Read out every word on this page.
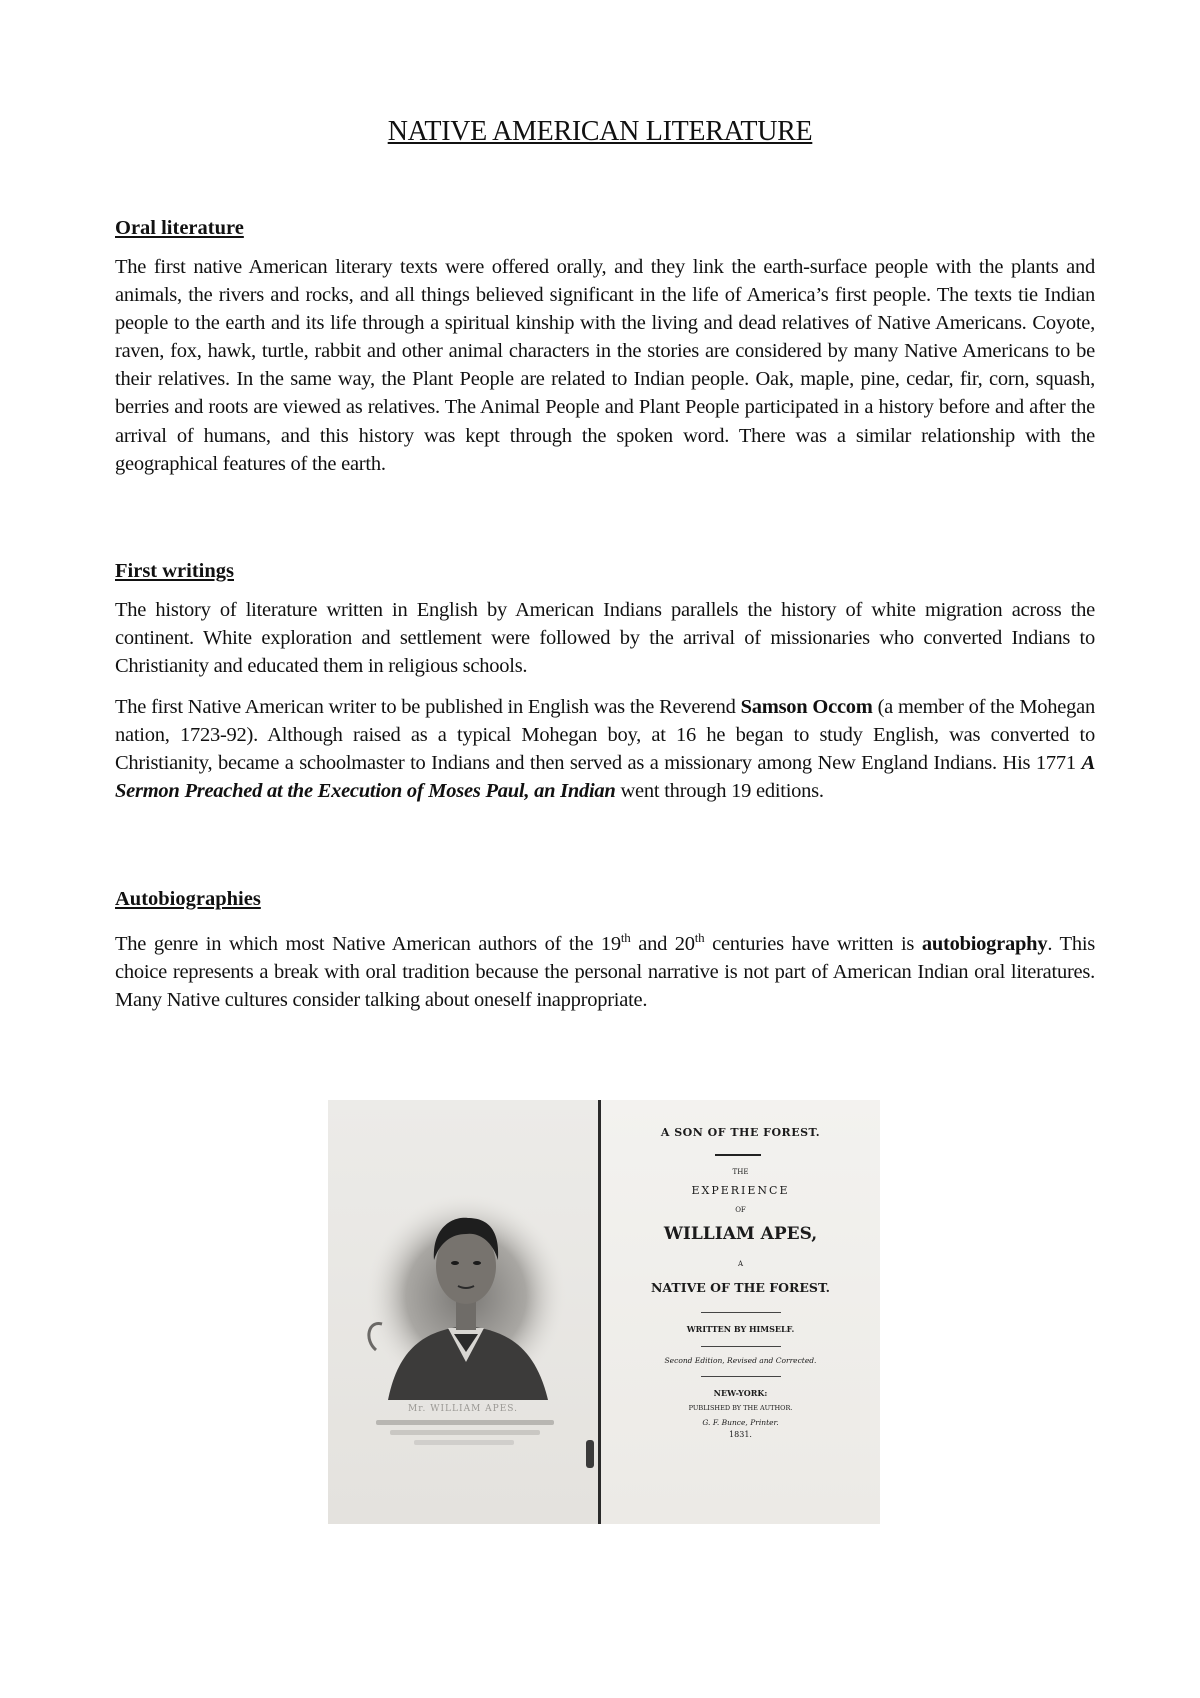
NATIVE AMERICAN LITERATURE
Oral literature
The first native American literary texts were offered orally, and they link the earth-surface people with the plants and animals, the rivers and rocks, and all things believed significant in the life of America’s first people. The texts tie Indian people to the earth and its life through a spiritual kinship with the living and dead relatives of Native Americans. Coyote, raven, fox, hawk, turtle, rabbit and other animal characters in the stories are considered by many Native Americans to be their relatives. In the same way, the Plant People are related to Indian people. Oak, maple, pine, cedar, fir, corn, squash, berries and roots are viewed as relatives. The Animal People and Plant People participated in a history before and after the arrival of humans, and this history was kept through the spoken word. There was a similar relationship with the geographical features of the earth.
First writings
The history of literature written in English by American Indians parallels the history of white migration across the continent. White exploration and settlement were followed by the arrival of missionaries who converted Indians to Christianity and educated them in religious schools.
The first Native American writer to be published in English was the Reverend Samson Occom (a member of the Mohegan nation, 1723-92). Although raised as a typical Mohegan boy, at 16 he began to study English, was converted to Christianity, became a schoolmaster to Indians and then served as a missionary among New England Indians. His 1771 A Sermon Preached at the Execution of Moses Paul, an Indian went through 19 editions.
Autobiographies
The genre in which most Native American authors of the 19th and 20th centuries have written is autobiography. This choice represents a break with oral tradition because the personal narrative is not part of American Indian oral literatures. Many Native cultures consider talking about oneself inappropriate.
Mr. WILLIAM APES.
A SON OF THE FOREST.
THE
EXPERIENCE
OF
WILLIAM APES,
A
NATIVE OF THE FOREST.
WRITTEN BY HIMSELF.
Second Edition, Revised and Corrected.
NEW-YORK:
PUBLISHED BY THE AUTHOR.
G. F. Bunce, Printer.
1831.
